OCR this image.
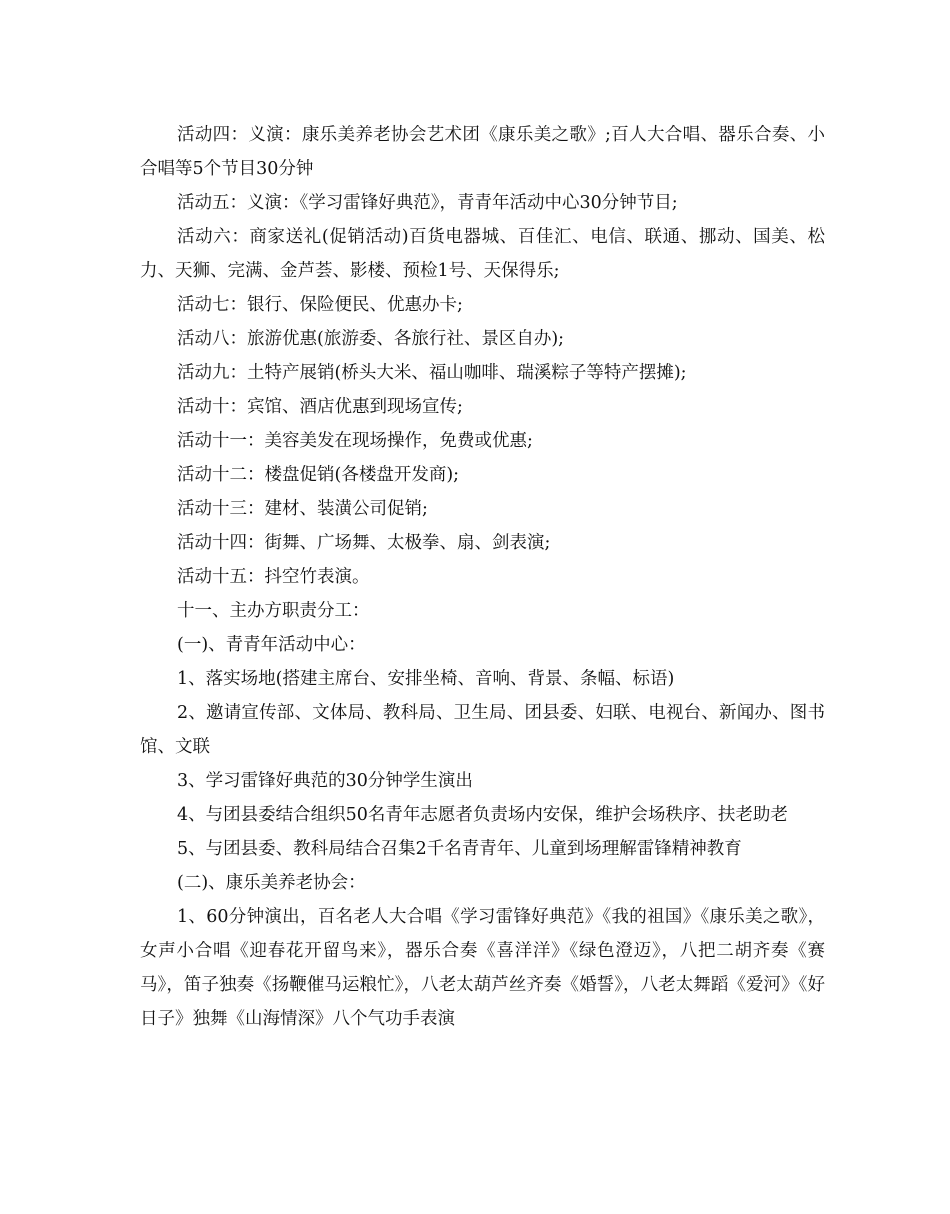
活动四：义演：康乐美养老协会艺术团《康乐美之歌》;百人大合唱、器乐合奏、小合唱等5个节目30分钟

活动五：义演：《学习雷锋好典范》，青青年活动中心30分钟节目;

活动六：商家送礼(促销活动)百货电器城、百佳汇、电信、联通、挪动、国美、松力、天狮、完满、金芦荟、影楼、预检1号、天保得乐;

活动七：银行、保险便民、优惠办卡;

活动八：旅游优惠(旅游委、各旅行社、景区自办);

活动九：土特产展销(桥头大米、福山咖啡、瑞溪粽子等特产摆摊);

活动十：宾馆、酒店优惠到现场宣传;

活动十一：美容美发在现场操作，免费或优惠;

活动十二：楼盘促销(各楼盘开发商);

活动十三：建材、装潢公司促销;

活动十四：街舞、广场舞、太极拳、扇、剑表演;

活动十五：抖空竹表演。

十一、主办方职责分工：

(一)、青青年活动中心：

1、落实场地(搭建主席台、安排坐椅、音响、背景、条幅、标语)

2、邀请宣传部、文体局、教科局、卫生局、团县委、妇联、电视台、新闻办、图书馆、文联

3、学习雷锋好典范的30分钟学生演出

4、与团县委结合组织50名青年志愿者负责场内安保，维护会场秩序、扶老助老

5、与团县委、教科局结合召集2千名青青年、儿童到场理解雷锋精神教育

(二)、康乐美养老协会：

1、60分钟演出，百名老人大合唱《学习雷锋好典范》《我的祖国》《康乐美之歌》，女声小合唱《迎春花开留鸟来》，器乐合奏《喜洋洋》《绿色澄迈》，八把二胡齐奏《赛马》，笛子独奏《扬鞭催马运粮忙》，八老太葫芦丝齐奏《婚誓》，八老太舞蹈《爱河》《好日子》独舞《山海情深》八个气功手表演
